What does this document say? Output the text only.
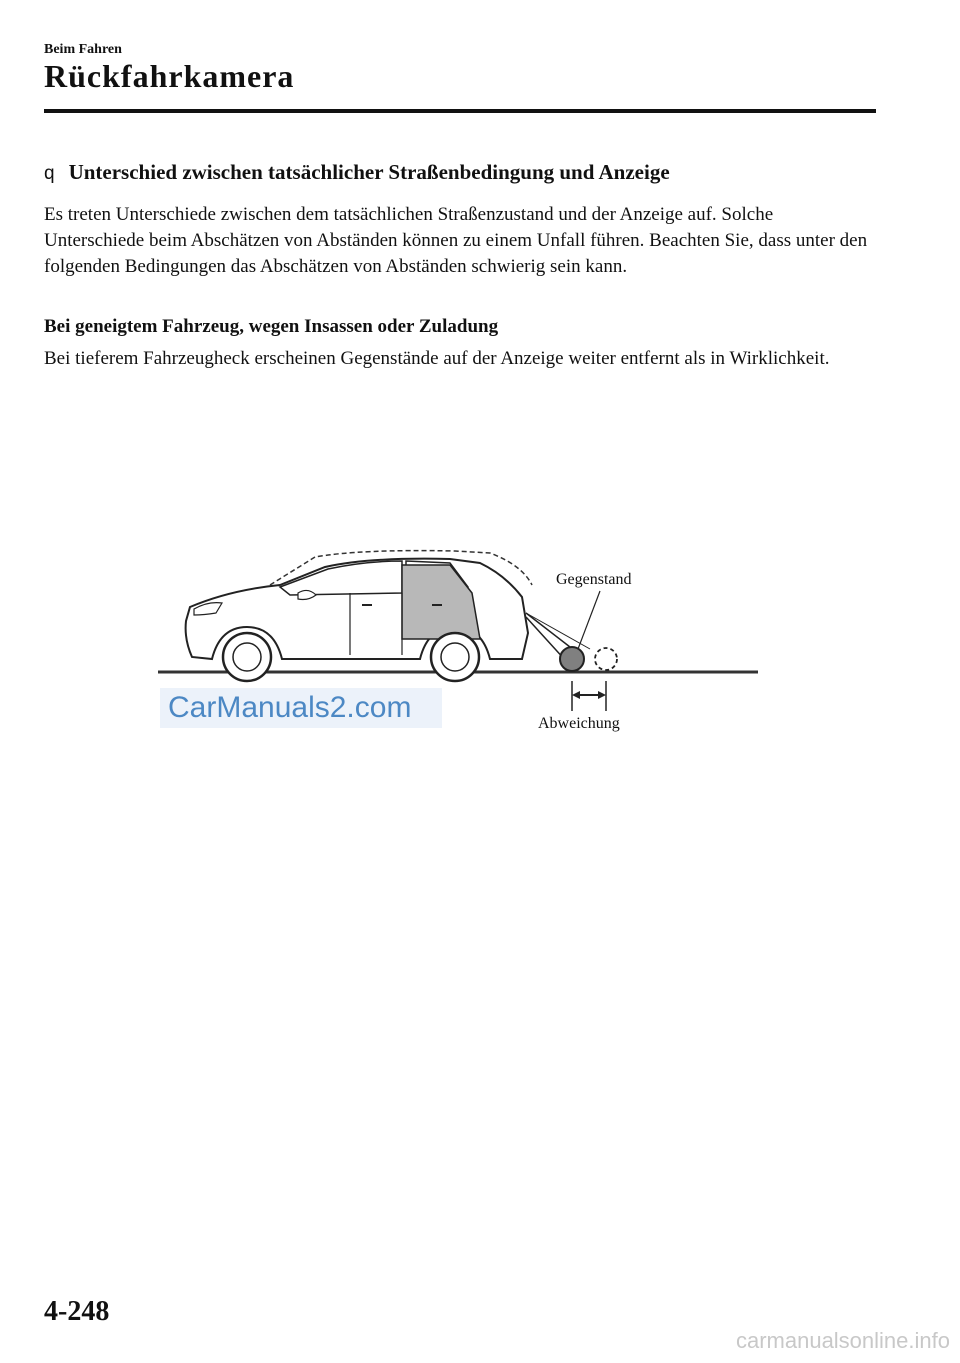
Beim Fahren
Rückfahrkamera
q Unterschied zwischen tatsächlicher Straßenbedingung und Anzeige

Es treten Unterschiede zwischen dem tatsächlichen Straßenzustand und der Anzeige auf. Solche Unterschiede beim Abschätzen von Abständen können zu einem Unfall führen. Beachten Sie, dass unter den folgenden Bedingungen das Abschätzen von Abständen schwierig sein kann.

Bei geneigtem Fahrzeug, wegen Insassen oder Zuladung

Bei tieferem Fahrzeugheck erscheinen Gegenstände auf der Anzeige weiter entfernt als in Wirklichkeit.

Gegenstand
Abweichung
CarManuals2.com
4-248
carmanualsonline.info
